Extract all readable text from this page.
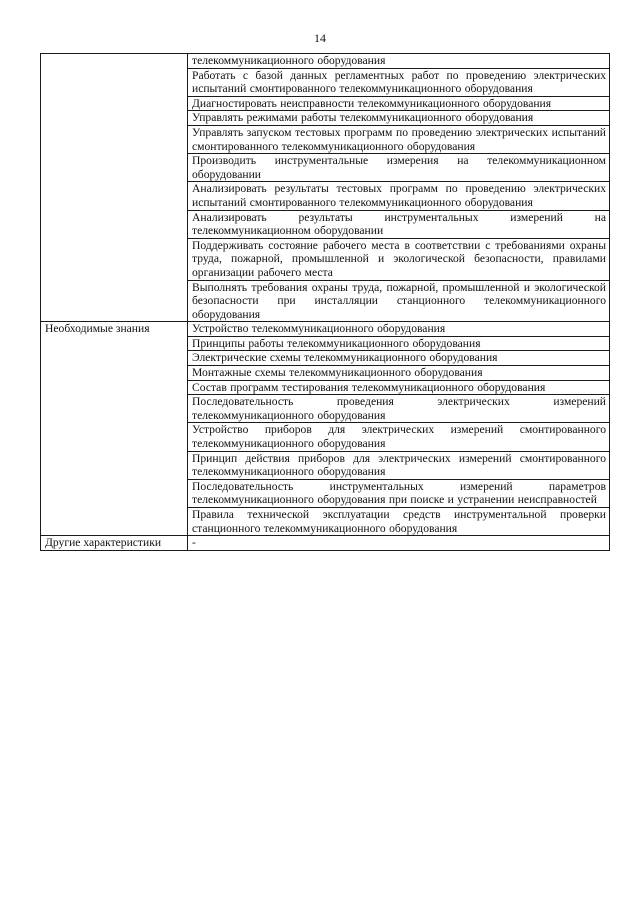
14
	телекоммуникационного оборудования
	Работать с базой данных регламентных работ по проведению электрических испытаний смонтированного телекоммуникационного оборудования
	Диагностировать неисправности телекоммуникационного оборудования
	Управлять режимами работы телекоммуникационного оборудования
	Управлять запуском тестовых программ по проведению электрических испытаний смонтированного телекоммуникационного оборудования
	Производить инструментальные измерения на телекоммуникационном оборудовании
	Анализировать результаты тестовых программ по проведению электрических испытаний смонтированного телекоммуникационного оборудования
	Анализировать результаты инструментальных измерений на телекоммуникационном оборудовании
	Поддерживать состояние рабочего места в соответствии с требованиями охраны труда, пожарной, промышленной и экологической безопасности, правилами организации рабочего места
	Выполнять требования охраны труда, пожарной, промышленной и экологической безопасности при инсталляции станционного телекоммуникационного оборудования
Необходимые знания	Устройство телекоммуникационного оборудования
	Принципы работы телекоммуникационного оборудования
	Электрические схемы телекоммуникационного оборудования
	Монтажные схемы телекоммуникационного оборудования
	Состав программ тестирования телекоммуникационного оборудования
	Последовательность проведения электрических измерений телекоммуникационного оборудования
	Устройство приборов для электрических измерений смонтированного телекоммуникационного оборудования
	Принцип действия приборов для электрических измерений смонтированного телекоммуникационного оборудования
	Последовательность инструментальных измерений параметров телекоммуникационного оборудования при поиске и устранении неисправностей
	Правила технической эксплуатации средств инструментальной проверки станционного телекоммуникационного оборудования
Другие характеристики	-
